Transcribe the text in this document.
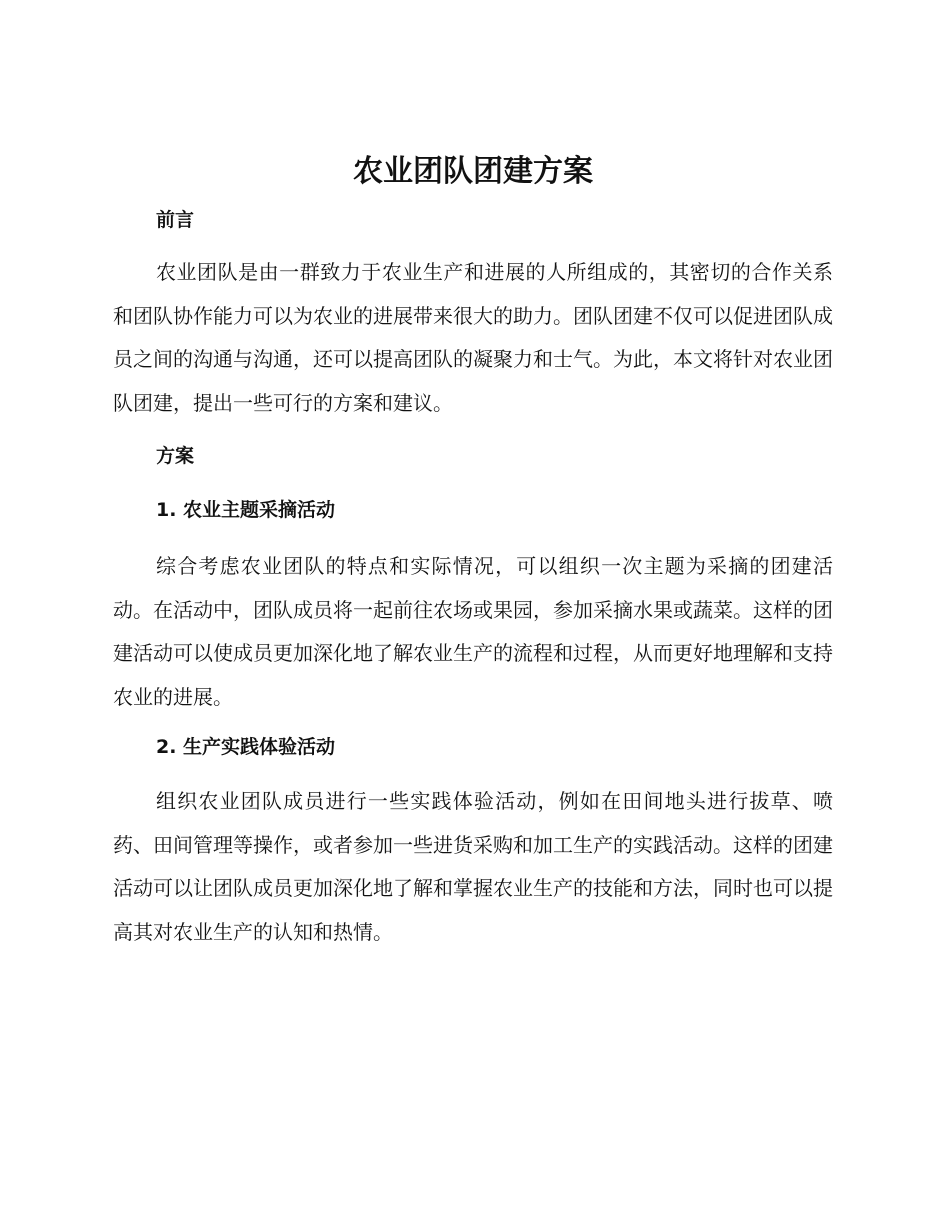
农业团队团建方案
前言

农业团队是由一群致力于农业生产和进展的人所组成的，其密切的合作关系和团队协作能力可以为农业的进展带来很大的助力。团队团建不仅可以促进团队成员之间的沟通与沟通，还可以提高团队的凝聚力和士气。为此，本文将针对农业团队团建，提出一些可行的方案和建议。

方案
1. 农业主题采摘活动

综合考虑农业团队的特点和实际情况，可以组织一次主题为采摘的团建活动。在活动中，团队成员将一起前往农场或果园，参加采摘水果或蔬菜。这样的团建活动可以使成员更加深化地了解农业生产的流程和过程，从而更好地理解和支持农业的进展。

2. 生产实践体验活动

组织农业团队成员进行一些实践体验活动，例如在田间地头进行拔草、喷药、田间管理等操作，或者参加一些进货采购和加工生产的实践活动。这样的团建活动可以让团队成员更加深化地了解和掌握农业生产的技能和方法，同时也可以提高其对农业生产的认知和热情。
